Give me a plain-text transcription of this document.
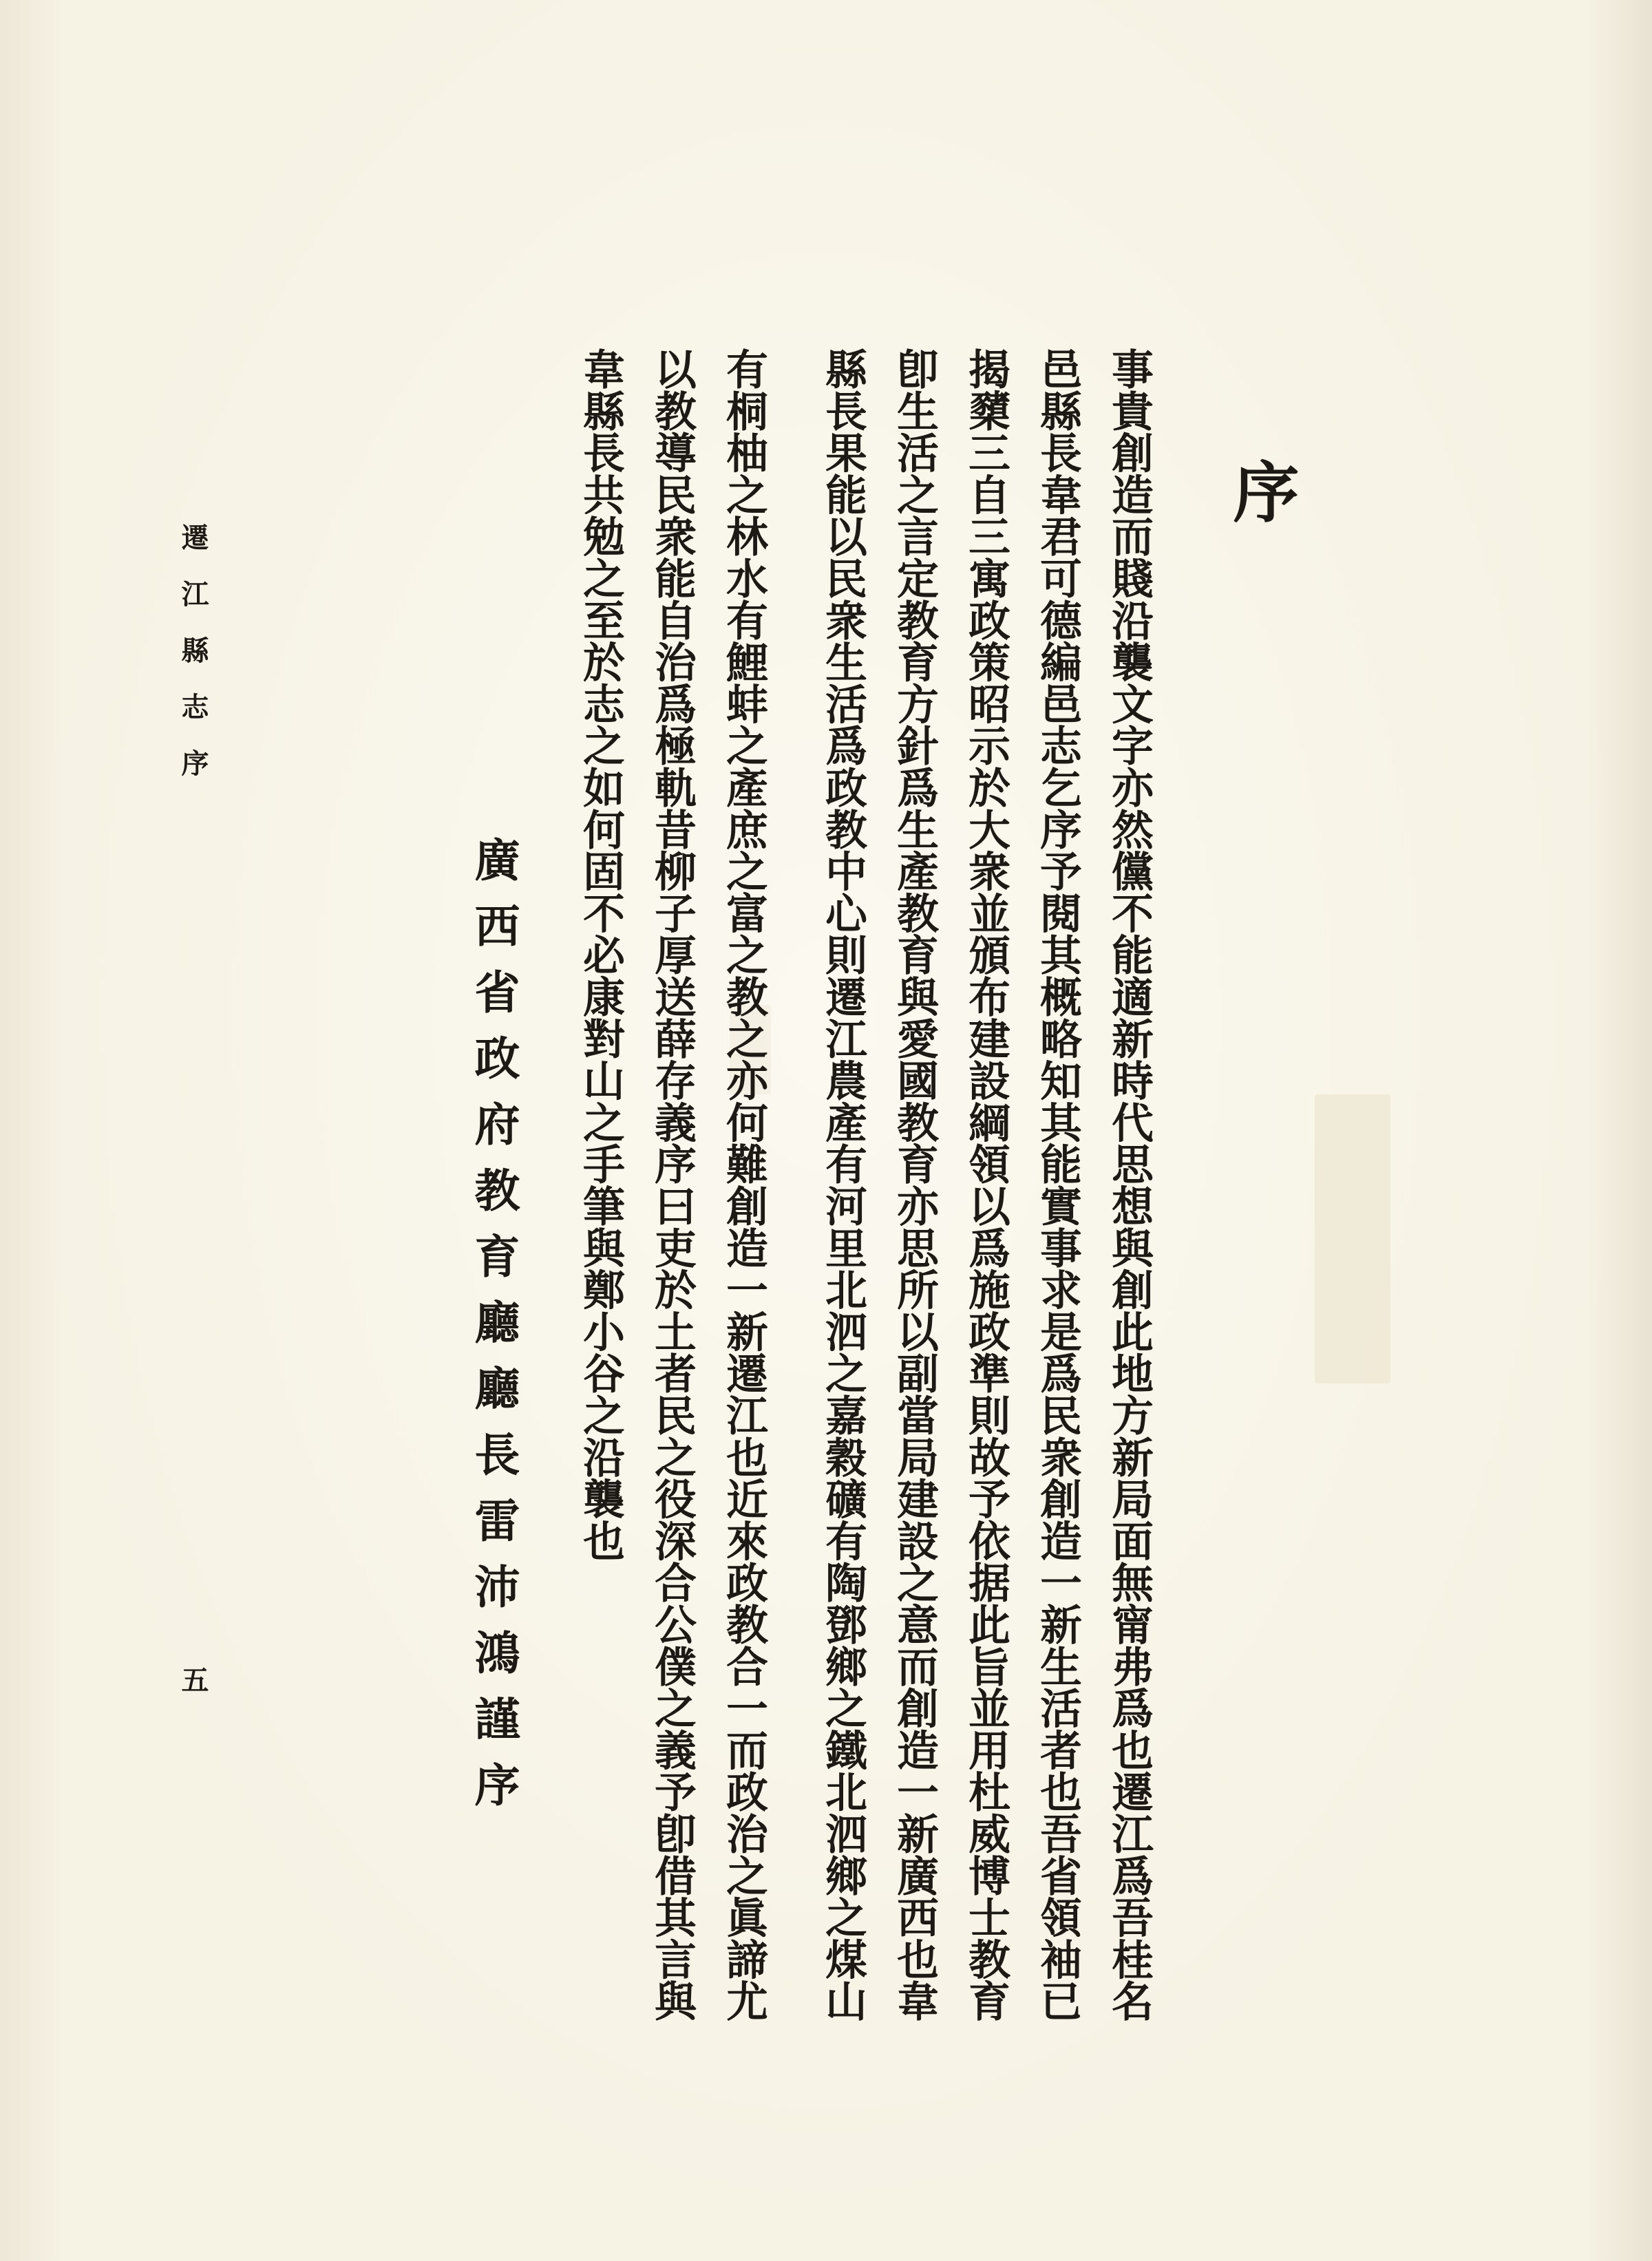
序

事貴創造而賤沿襲文字亦然儻不能適新時代思想與創此地方新局面無甯弗爲也遷江爲吾桂名

邑縣長韋君可德編邑志乞序予閱其概略知其能實事求是爲民衆創造一新生活者也吾省領袖已

揭櫫三自三寓政策昭示於大衆並頒布建設綱領以爲施政準則故予依据此旨並用杜威博士教育

卽生活之言定教育方針爲生產教育與愛國教育亦思所以副當局建設之意而創造一新廣西也韋

縣長果能以民衆生活爲政教中心則遷江農產有河里北泗之嘉穀礦有陶鄧鄉之鐵北泗鄉之煤山

有桐柚之林水有鯉蚌之產庶之富之教之亦何難創造一新遷江也近來政教合一而政治之眞諦尤

以教導民衆能自治爲極軌昔柳子厚送薛存義序曰吏於土者民之役深合公僕之義予卽借其言與

韋縣長共勉之至於志之如何固不必康對山之手筆與鄭小谷之沿襲也

廣西省政府教育廳廳長雷沛鴻謹序

遷江縣志序

五
